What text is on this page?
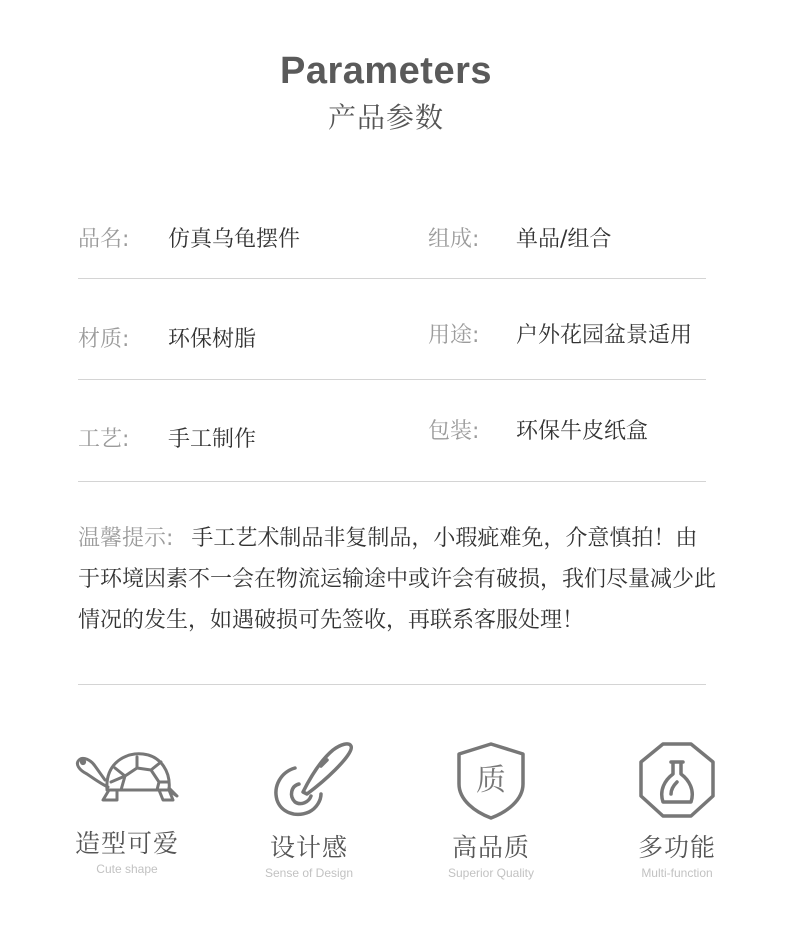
Parameters
产品参数
品名: 仿真乌龟摆件	组成: 单品/组合
材质: 环保树脂	用途: 户外花园盆景适用
工艺: 手工制作	包装: 环保牛皮纸盒
温馨提示: 手工艺术制品非复制品，小瑕疵难免，介意慎拍！由于环境因素不一会在物流运输途中或许会有破损，我们尽量减少此情况的发生，如遇破损可先签收，再联系客服处理！
造型可爱
Cute shape
设计感
Sense of Design
质
高品质
Superior Quality
多功能
Multi-function
